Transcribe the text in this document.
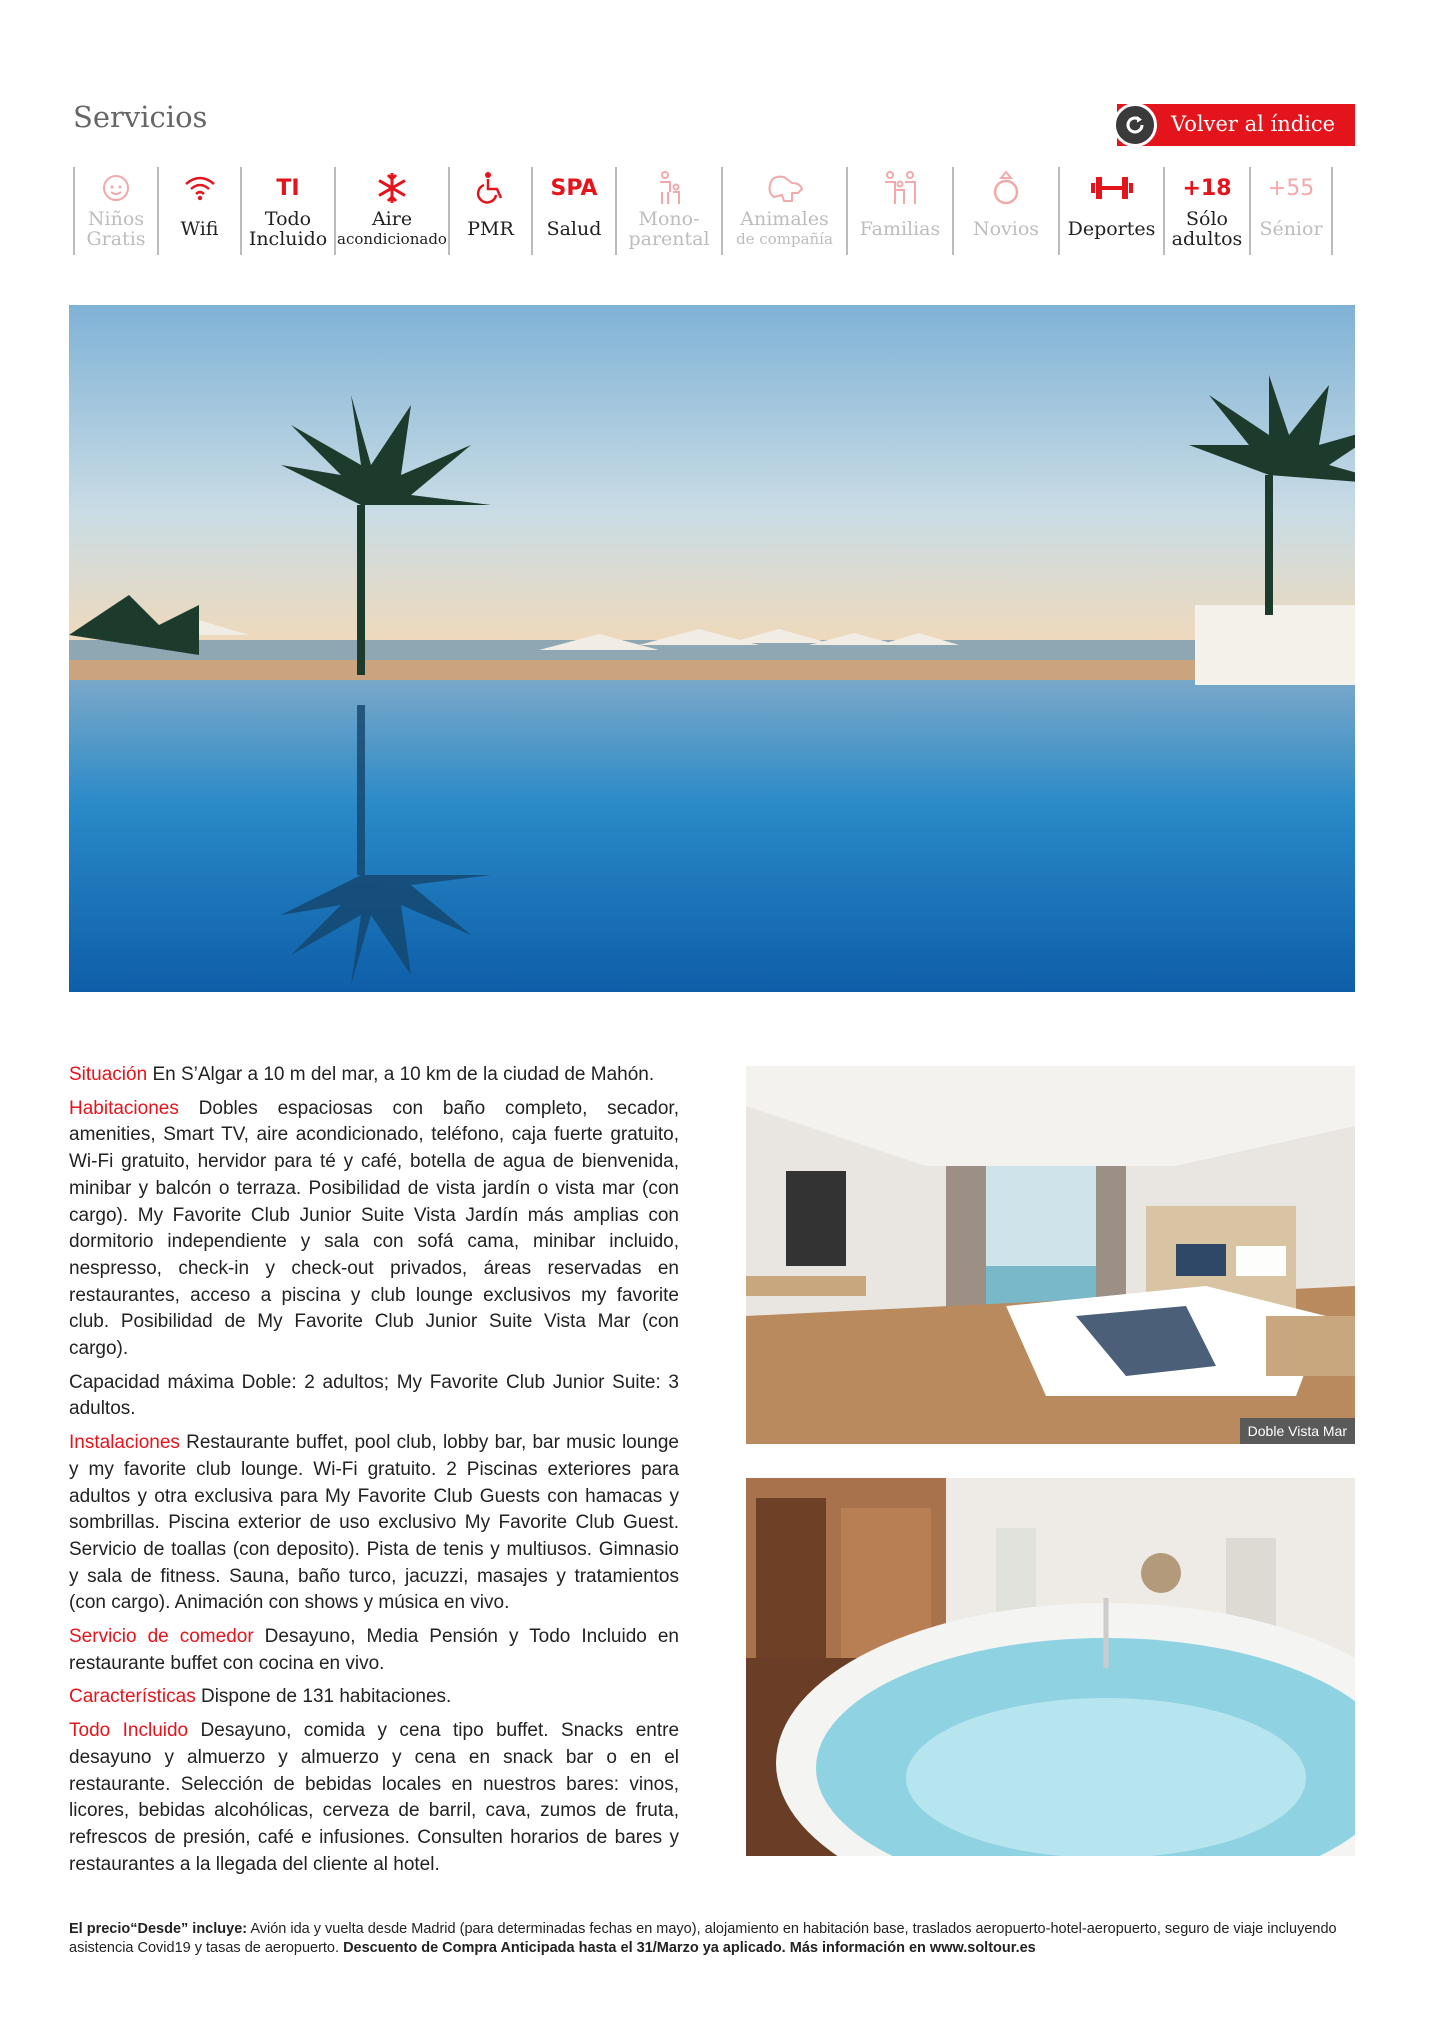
Servicios	Volver al índice
Niños
Gratis	Wifi
TI
Todo
Incluido
Aire
acondicionado	PMR
SPA
Salud	Mono-
parental
Animales
de compañía	Familias	Novios	Deportes
+18
Sólo
adultos
+55
Sénior

Situación En S’Algar a 10 m del mar, a 10 km de la ciudad de Mahón.

Habitaciones Dobles espaciosas con baño completo, secador, amenities, Smart TV, aire acondicionado, teléfono, caja fuerte gratuito, Wi-Fi gratuito, hervidor para té y café, botella de agua de bienvenida, minibar y balcón o terraza. Posibilidad de vista jardín o vista mar (con cargo). My Favorite Club Junior Suite Vista Jardín más amplias con dormitorio independiente y sala con sofá cama, minibar incluido, nespresso, check-in y check-out privados, áreas reservadas en restaurantes, acceso a piscina y club lounge exclusivos my favorite club. Posibilidad de My Favorite Club Junior Suite Vista Mar (con cargo).

Capacidad máxima Doble: 2 adultos; My Favorite Club Junior Suite: 3 adultos.

Instalaciones Restaurante buffet, pool club, lobby bar, bar music lounge y my favorite club lounge. Wi-Fi gratuito. 2 Piscinas exteriores para adultos y otra exclusiva para My Favorite Club Guests con hamacas y sombrillas. Piscina exterior de uso exclusivo My Favorite Club Guest. Servicio de toallas (con deposito). Pista de tenis y multiusos. Gimnasio y sala de fitness. Sauna, baño turco, jacuzzi, masajes y tratamientos (con cargo). Animación con shows y música en vivo.

Servicio de comedor Desayuno, Media Pensión y Todo Incluido en restaurante buffet con cocina en vivo.

Características Dispone de 131 habitaciones.

Todo Incluido Desayuno, comida y cena tipo buffet. Snacks entre desayuno y almuerzo y almuerzo y cena en snack bar o en el restaurante. Selección de bebidas locales en nuestros bares: vinos, licores, bebidas alcohólicas, cerveza de barril, cava, zumos de fruta, refrescos de presión, café e infusiones. Consulten horarios de bares y restaurantes a la llegada del cliente al hotel.

Doble Vista Mar
El precio“Desde” incluye: Avión ida y vuelta desde Madrid (para determinadas fechas en mayo), alojamiento en habitación base, traslados aeropuerto-hotel-aeropuerto, seguro de viaje incluyendo asistencia Covid19 y tasas de aeropuerto. Descuento de Compra Anticipada hasta el 31/Marzo ya aplicado. Más información en www.soltour.es
